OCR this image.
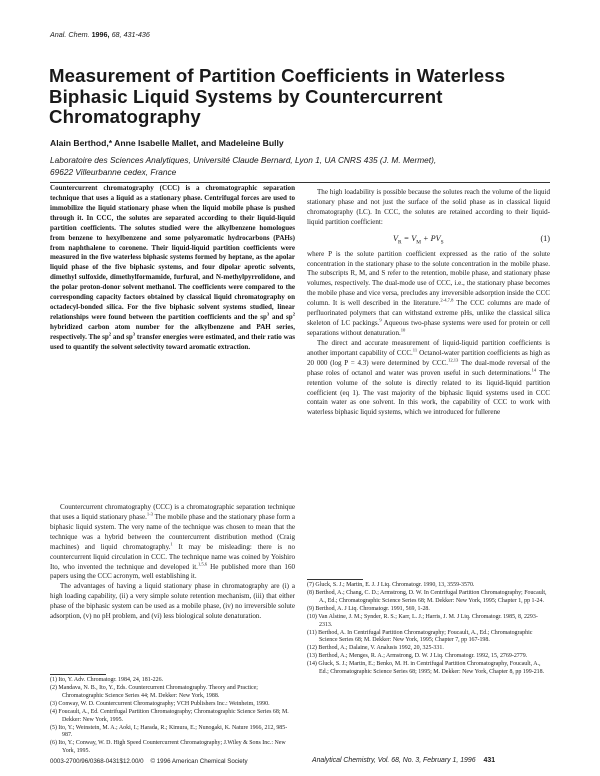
Anal. Chem. 1996, 68, 431-436
Measurement of Partition Coefficients in Waterless
Biphasic Liquid Systems by Countercurrent
Chromatography
Alain Berthod,* Anne Isabelle Mallet, and Madeleine Bully
Laboratoire des Sciences Analytiques, Université Claude Bernard, Lyon 1, UA CNRS 435 (J. M. Mermet),
69622 Villeurbanne cedex, France

Countercurrent chromatography (CCC) is a chromatographic separation technique that uses a liquid as a stationary phase. Centrifugal forces are used to immobilize the liquid stationary phase when the liquid mobile phase is pushed through it. In CCC, the solutes are separated according to their liquid-liquid partition coefficients. The solutes studied were the alkylbenzene homologues from benzene to hexylbenzene and some polyaromatic hydrocarbons (PAHs) from naphthalene to coronene. Their liquid-liquid partition coefficients were measured in the five waterless biphasic systems formed by heptane, as the apolar liquid phase of the five biphasic systems, and four dipolar aprotic solvents, dimethyl sulfoxide, dimethylformamide, furfural, and N-methylpyrrolidone, and the polar proton-donor solvent methanol. The coefficients were compared to the corresponding capacity factors obtained by classical liquid chromatography on octadecyl-bonded silica. For the five biphasic solvent systems studied, linear relationships were found between the partition coefficients and the $sp^3$ and $sp^2$ hybridized carbon atom number for the alkylbenzene and PAH series, respectively. The $sp^2$ and $sp^3$ transfer energies were estimated, and their ratio was used to quantify the solvent selectivity toward aromatic extraction.

Countercurrent chromatography (CCC) is a chromatographic separation technique that uses a liquid stationary phase.$^{1-3}$ The mobile phase and the stationary phase form a biphasic liquid system. The very name of the technique was chosen to mean that the technique was a hybrid between the countercurrent distribution method (Craig machines) and liquid chromatography.$^1$ It may be misleading: there is no countercurrent liquid circulation in CCC. The technique name was coined by Yoishiro Ito, who invented the technique and developed it.$^{1,5,6}$ He published more than 160 papers using the CCC acronym, well establishing it.

The advantages of having a liquid stationary phase in chromatography are (i) a high loading capability, (ii) a very simple solute retention mechanism, (iii) that either phase of the biphasic system can be used as a mobile phase, (iv) no irreversible solute adsorption, (v) no pH problem, and (vi) less biological solute denaturation.

The high loadability is possible because the solutes reach the volume of the liquid stationary phase and not just the surface of the solid phase as in classical liquid chromatography (LC). In CCC, the solutes are retained according to their liquid-liquid partition coefficient:

$V_R = V_M + PV_S$	(1)

where P is the solute partition coefficient expressed as the ratio of the solute concentration in the stationary phase to the solute concentration in the mobile phase. The subscripts R, M, and S refer to the retention, mobile phase, and stationary phase volumes, respectively. The dual-mode use of CCC, i.e., the stationary phase becomes the mobile phase and vice versa, precludes any irreversible adsorption inside the CCC column. It is well described in the literature.$^{2-4,7,8}$ The CCC columns are made of perfluorinated polymers that can withstand extreme pHs, unlike the classical silica skeleton of LC packings.$^9$ Aqueous two-phase systems were used for protein or cell separations without denaturation.$^{10}$

The direct and accurate measurement of liquid-liquid partition coefficients is another important capability of CCC.$^{11}$ Octanol-water partition coefficients as high as 20 000 (log P = 4.3) were determined by CCC.$^{12,13}$ The dual-mode reversal of the phase roles of octanol and water was proven useful in such determinations.$^{14}$ The retention volume of the solute is directly related to its liquid-liquid partition coefficient (eq 1). The vast majority of the biphasic liquid systems used in CCC contain water as one solvent. In this work, the capability of CCC to work with waterless biphasic liquid systems, which we introduced for fullerene

(1) Ito, Y. Adv. Chromatogr. 1984, 24, 181-226.
(2) Mandava, N. B., Ito, Y., Eds. Countercurrent Chromatography. Theory and Practice; Chromatographic Science Series 44; M. Dekker: New York, 1988.
(3) Conway, W. D. Countercurrent Chromatography; VCH Publishers Inc.: Weinheim, 1990.
(4) Foucault, A., Ed. Centrifugal Partition Chromatography; Chromatographic Science Series 68; M. Dekker: New York, 1995.
(5) Ito, Y.; Weinstein, M. A.; Aoki, I.; Harada, R.; Kimura, E.; Nunogaki, K. Nature 1966, 212, 985-987.
(6) Ito, Y.; Conway, W. D. High Speed Countercurrent Chromatography; J.Wiley & Sons Inc.: New York, 1995.
(7) Gluck, S. J.; Martin, E. J. J Liq. Chromatogr. 1990, 13, 3559-3570.
(8) Berthod, A.; Chang, C. D.; Armstrong, D. W. In Centrifugal Partition Chromatography; Foucault, A., Ed.; Chromatographic Science Series 68; M. Dekker: New York, 1995; Chapter 1, pp 1-24.
(9) Berthod, A. J Liq. Chromatogr. 1991, 569, 1-28.
(10) Van Alstine, J. M.; Synder, R. S.; Karr, L. J.; Harris, J. M. J Liq. Chromatogr. 1985, 8, 2293-2313.
(11) Berthod, A. In Centrifugal Partition Chromatography; Foucault, A., Ed.; Chromatographic Science Series 68; M. Dekker: New York, 1995; Chapter 7, pp 167-198.
(12) Berthod, A.; Dalaine, V. Analusis 1992, 20, 325-331.
(13) Berthod, A.; Menges, R. A.; Armstrong, D. W. J Liq. Chromatogr. 1992, 15, 2769-2779.
(14) Gluck, S. J.; Martin, E.; Benko, M. H. in Centrifugal Partition Chromatography, Foucault, A., Ed.; Chromatographic Science Series 68; 1995; M. Dekker: New York, Chapter 8, pp 199-218.
0003-2700/96/0368-0431$12.00/0    © 1996 American Chemical Society	Analytical Chemistry, Vol. 68, No. 3, February 1, 1996 431
